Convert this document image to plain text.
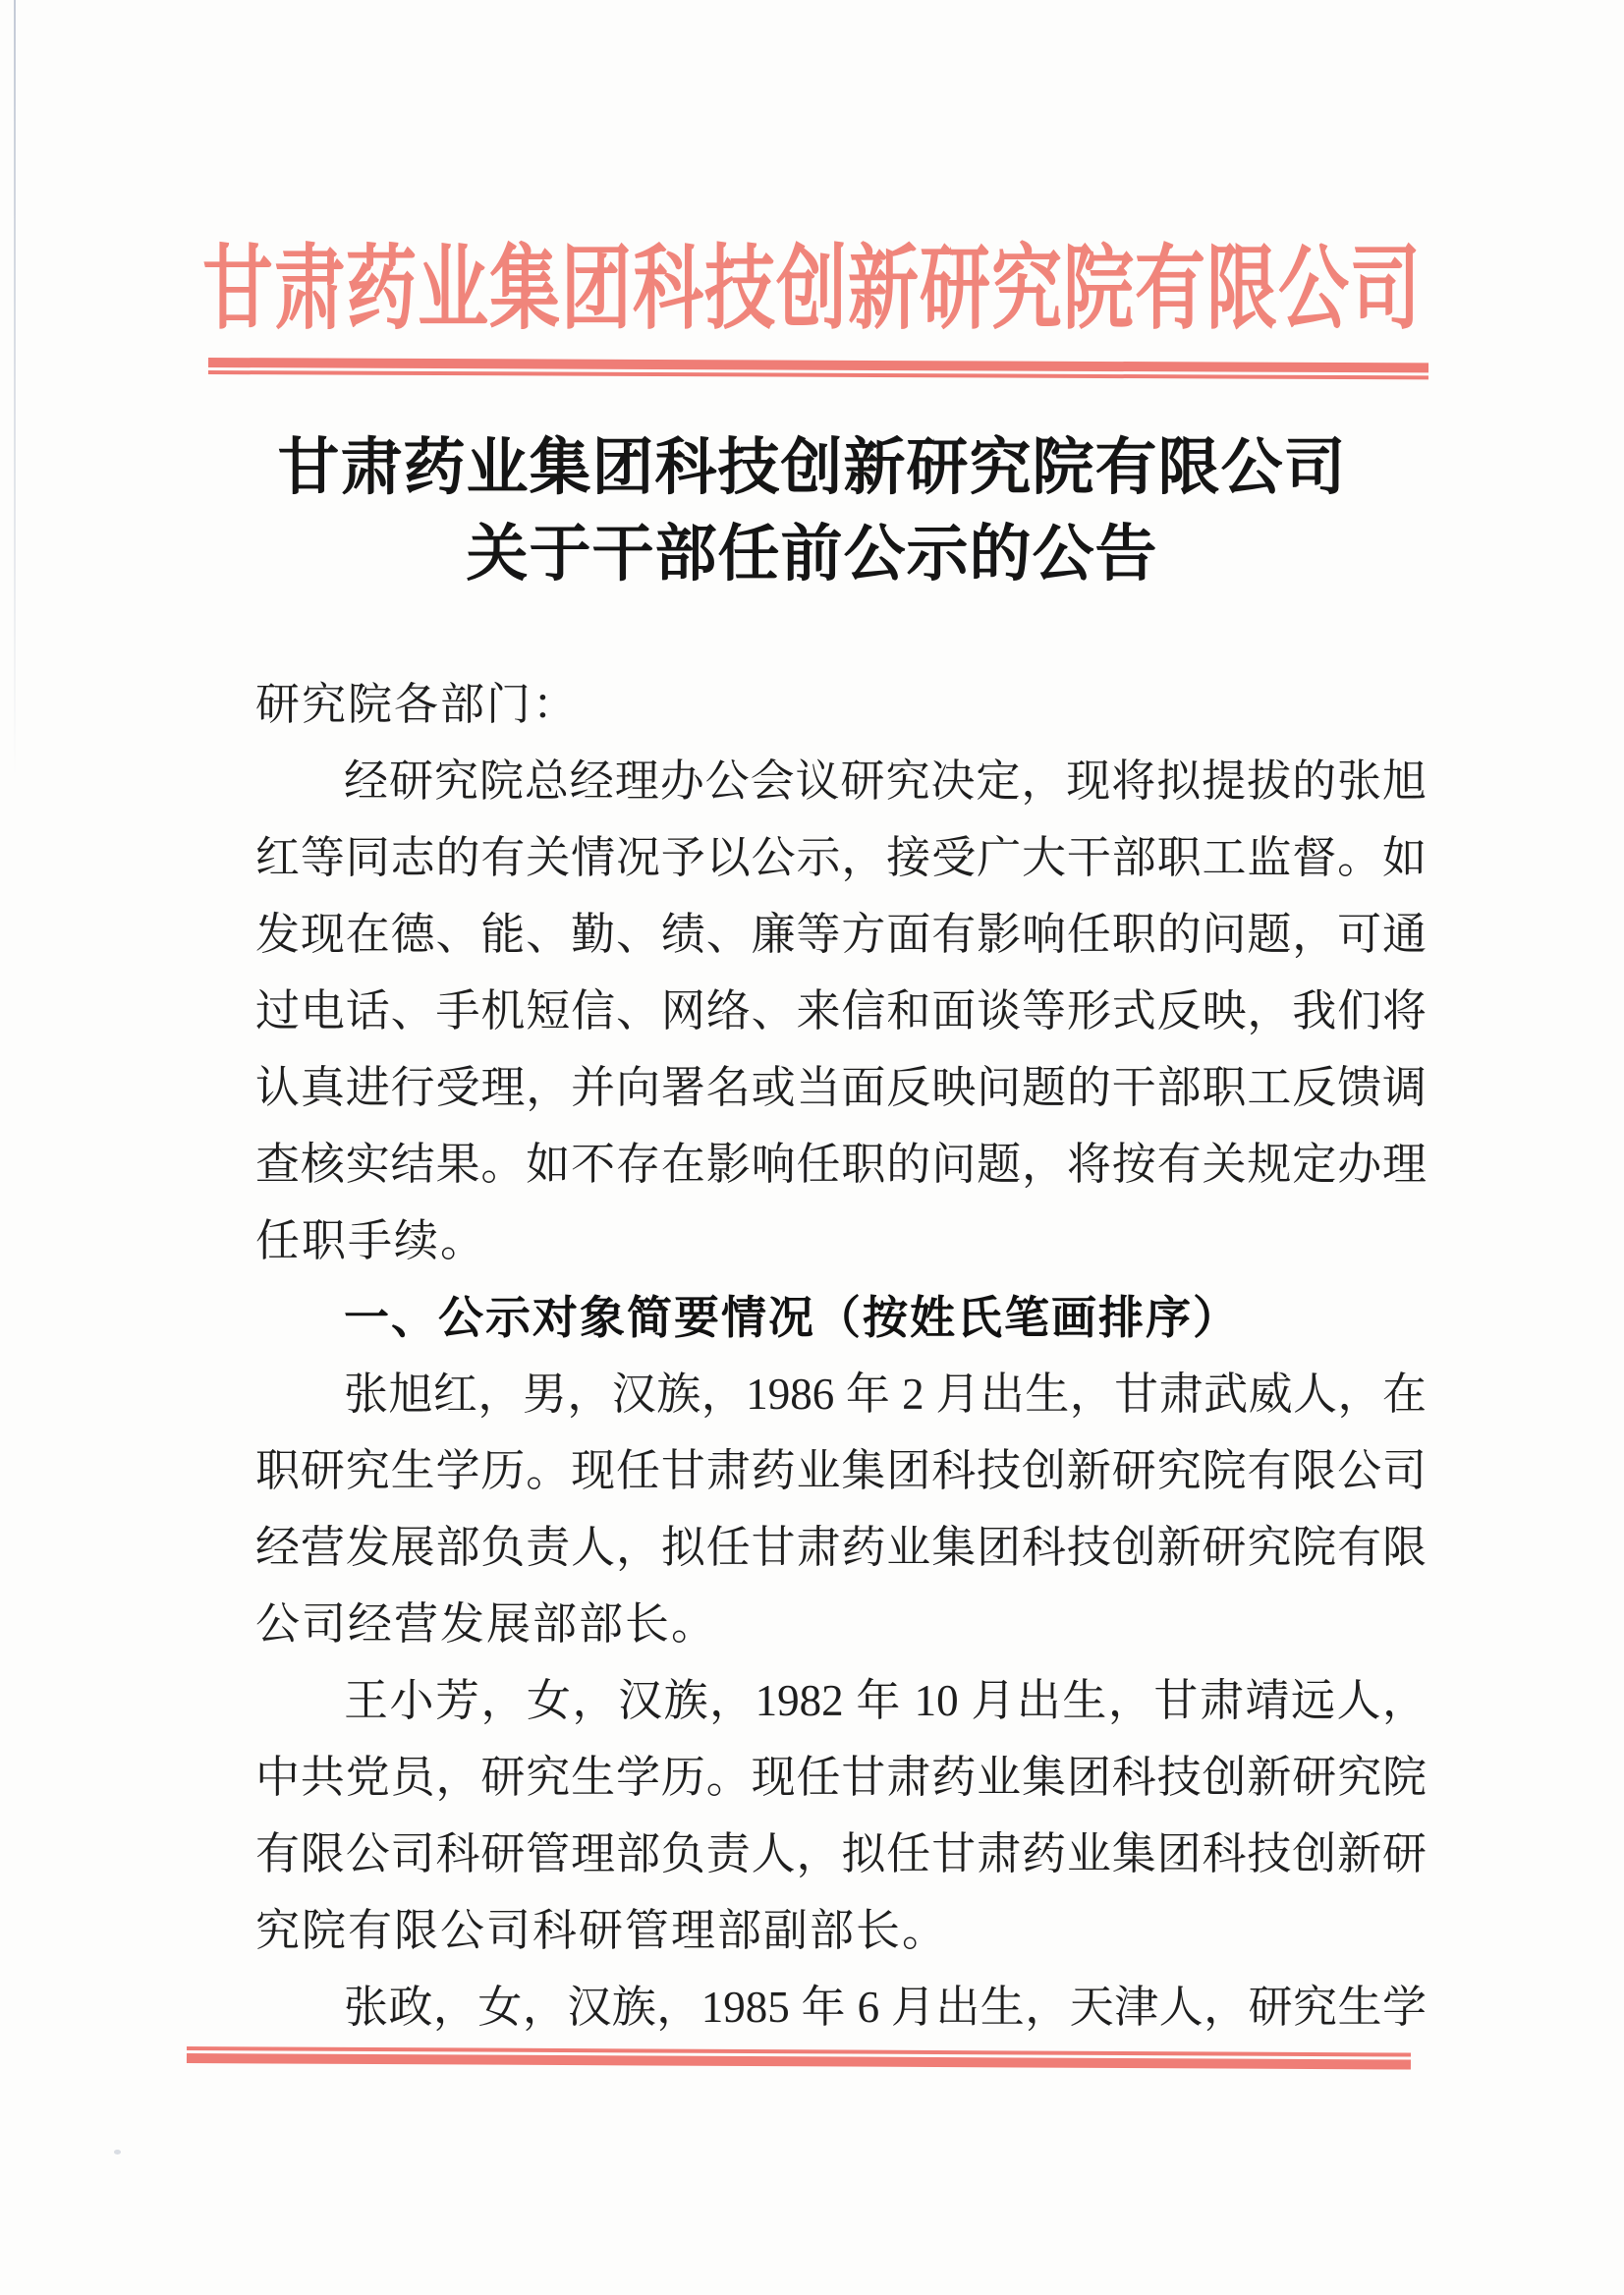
甘肃药业集团科技创新研究院有限公司
甘肃药业集团科技创新研究院有限公司
关于干部任前公示的公告
研究院各部门：
经研究院总经理办公会议研究决定，现将拟提拔的张旭
红等同志的有关情况予以公示，接受广大干部职工监督。如
发现在德、能、勤、绩、廉等方面有影响任职的问题，可通
过电话、手机短信、网络、来信和面谈等形式反映，我们将
认真进行受理，并向署名或当面反映问题的干部职工反馈调
查核实结果。如不存在影响任职的问题，将按有关规定办理
任职手续。
一、公示对象简要情况（按姓氏笔画排序）
张旭红，男，汉族，1986 年 2 月出生，甘肃武威人，在
职研究生学历。现任甘肃药业集团科技创新研究院有限公司
经营发展部负责人，拟任甘肃药业集团科技创新研究院有限
公司经营发展部部长。
王小芳，女，汉族，1982 年 10 月出生，甘肃靖远人，
中共党员，研究生学历。现任甘肃药业集团科技创新研究院
有限公司科研管理部负责人，拟任甘肃药业集团科技创新研
究院有限公司科研管理部副部长。
张政，女，汉族，1985 年 6 月出生，天津人，研究生学
